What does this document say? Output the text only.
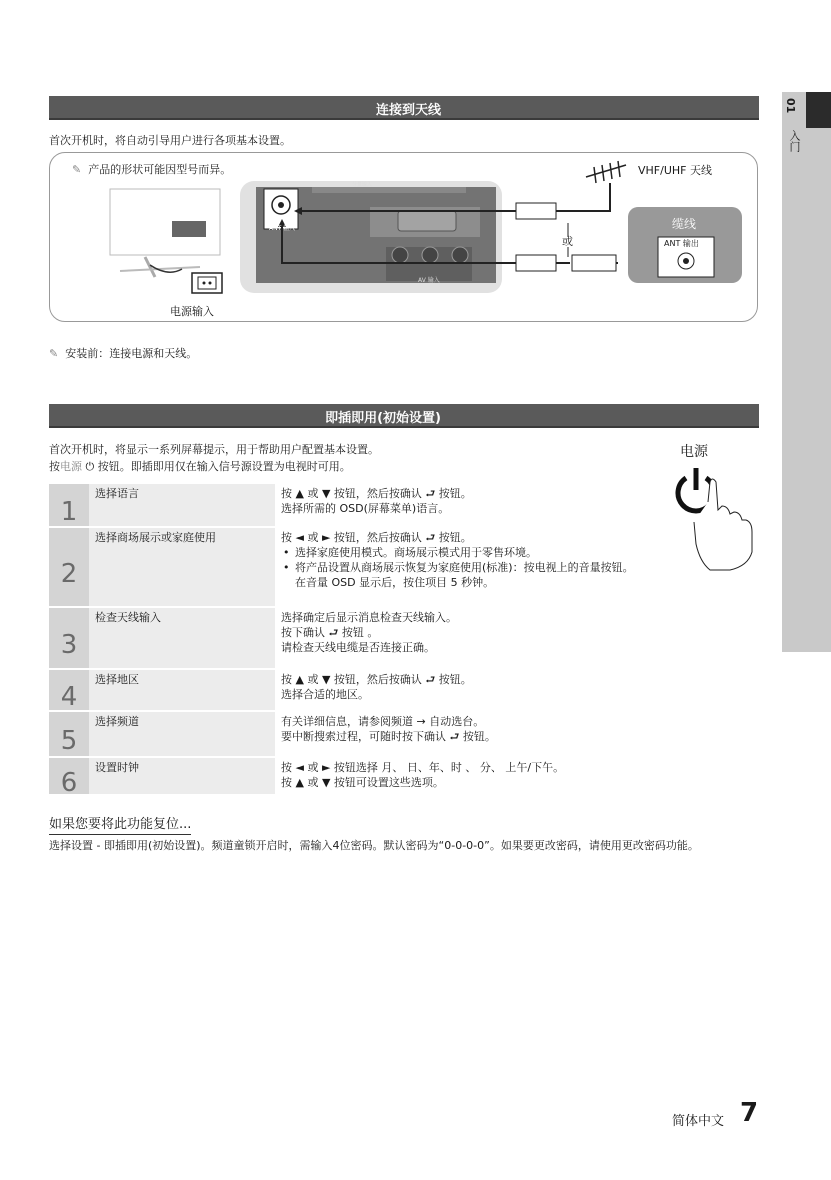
01
入门
连接到天线
首次开机时，将自动引导用户进行各项基本设置。
✎ 产品的形状可能因型号而异。	VHF/UHF 天线
缆线
ANT 输出
ANT 输入
或
分量输入
AV 输入
电源输入
✎ 安装前：连接电源和天线。
即插即用(初始设置)
首次开机时，将显示一系列屏幕提示，用于帮助用户配置基本设置。
按电源 ⏻ 按钮。即插即用仅在输入信号源设置为电视时可用。
电源
1
选择语言	按 ▲ 或 ▼ 按钮，然后按确认 ⮐ 按钮。
选择所需的 OSD(屏幕菜单)语言。
2
选择商场展示或家庭使用	按 ◄ 或 ► 按钮，然后按确认 ⮐ 按钮。
• 选择家庭使用模式。商场展示模式用于零售环境。
• 将产品设置从商场展示恢复为家庭使用(标准)：按电视上的音量按钮。
在音量 OSD 显示后，按住项目 5 秒钟。
3
检查天线输入	选择确定后显示消息检查天线输入。
按下确认 ⮐ 按钮 。
请检查天线电缆是否连接正确。
4
选择地区	按 ▲ 或 ▼ 按钮，然后按确认 ⮐ 按钮。
选择合适的地区。
5
选择频道	有关详细信息，请参阅频道 → 自动选台。
要中断搜索过程，可随时按下确认 ⮐ 按钮。
6
设置时钟	按 ◄ 或 ► 按钮选择 月、 日、年、时 、 分、 上午/下午。
按 ▲ 或 ▼ 按钮可设置这些选项。
如果您要将此功能复位...
选择设置 - 即插即用(初始设置)。频道童锁开启时，需输入4位密码。默认密码为“0-0-0-0”。如果要更改密码，请使用更改密码功能。
简体中文 7
